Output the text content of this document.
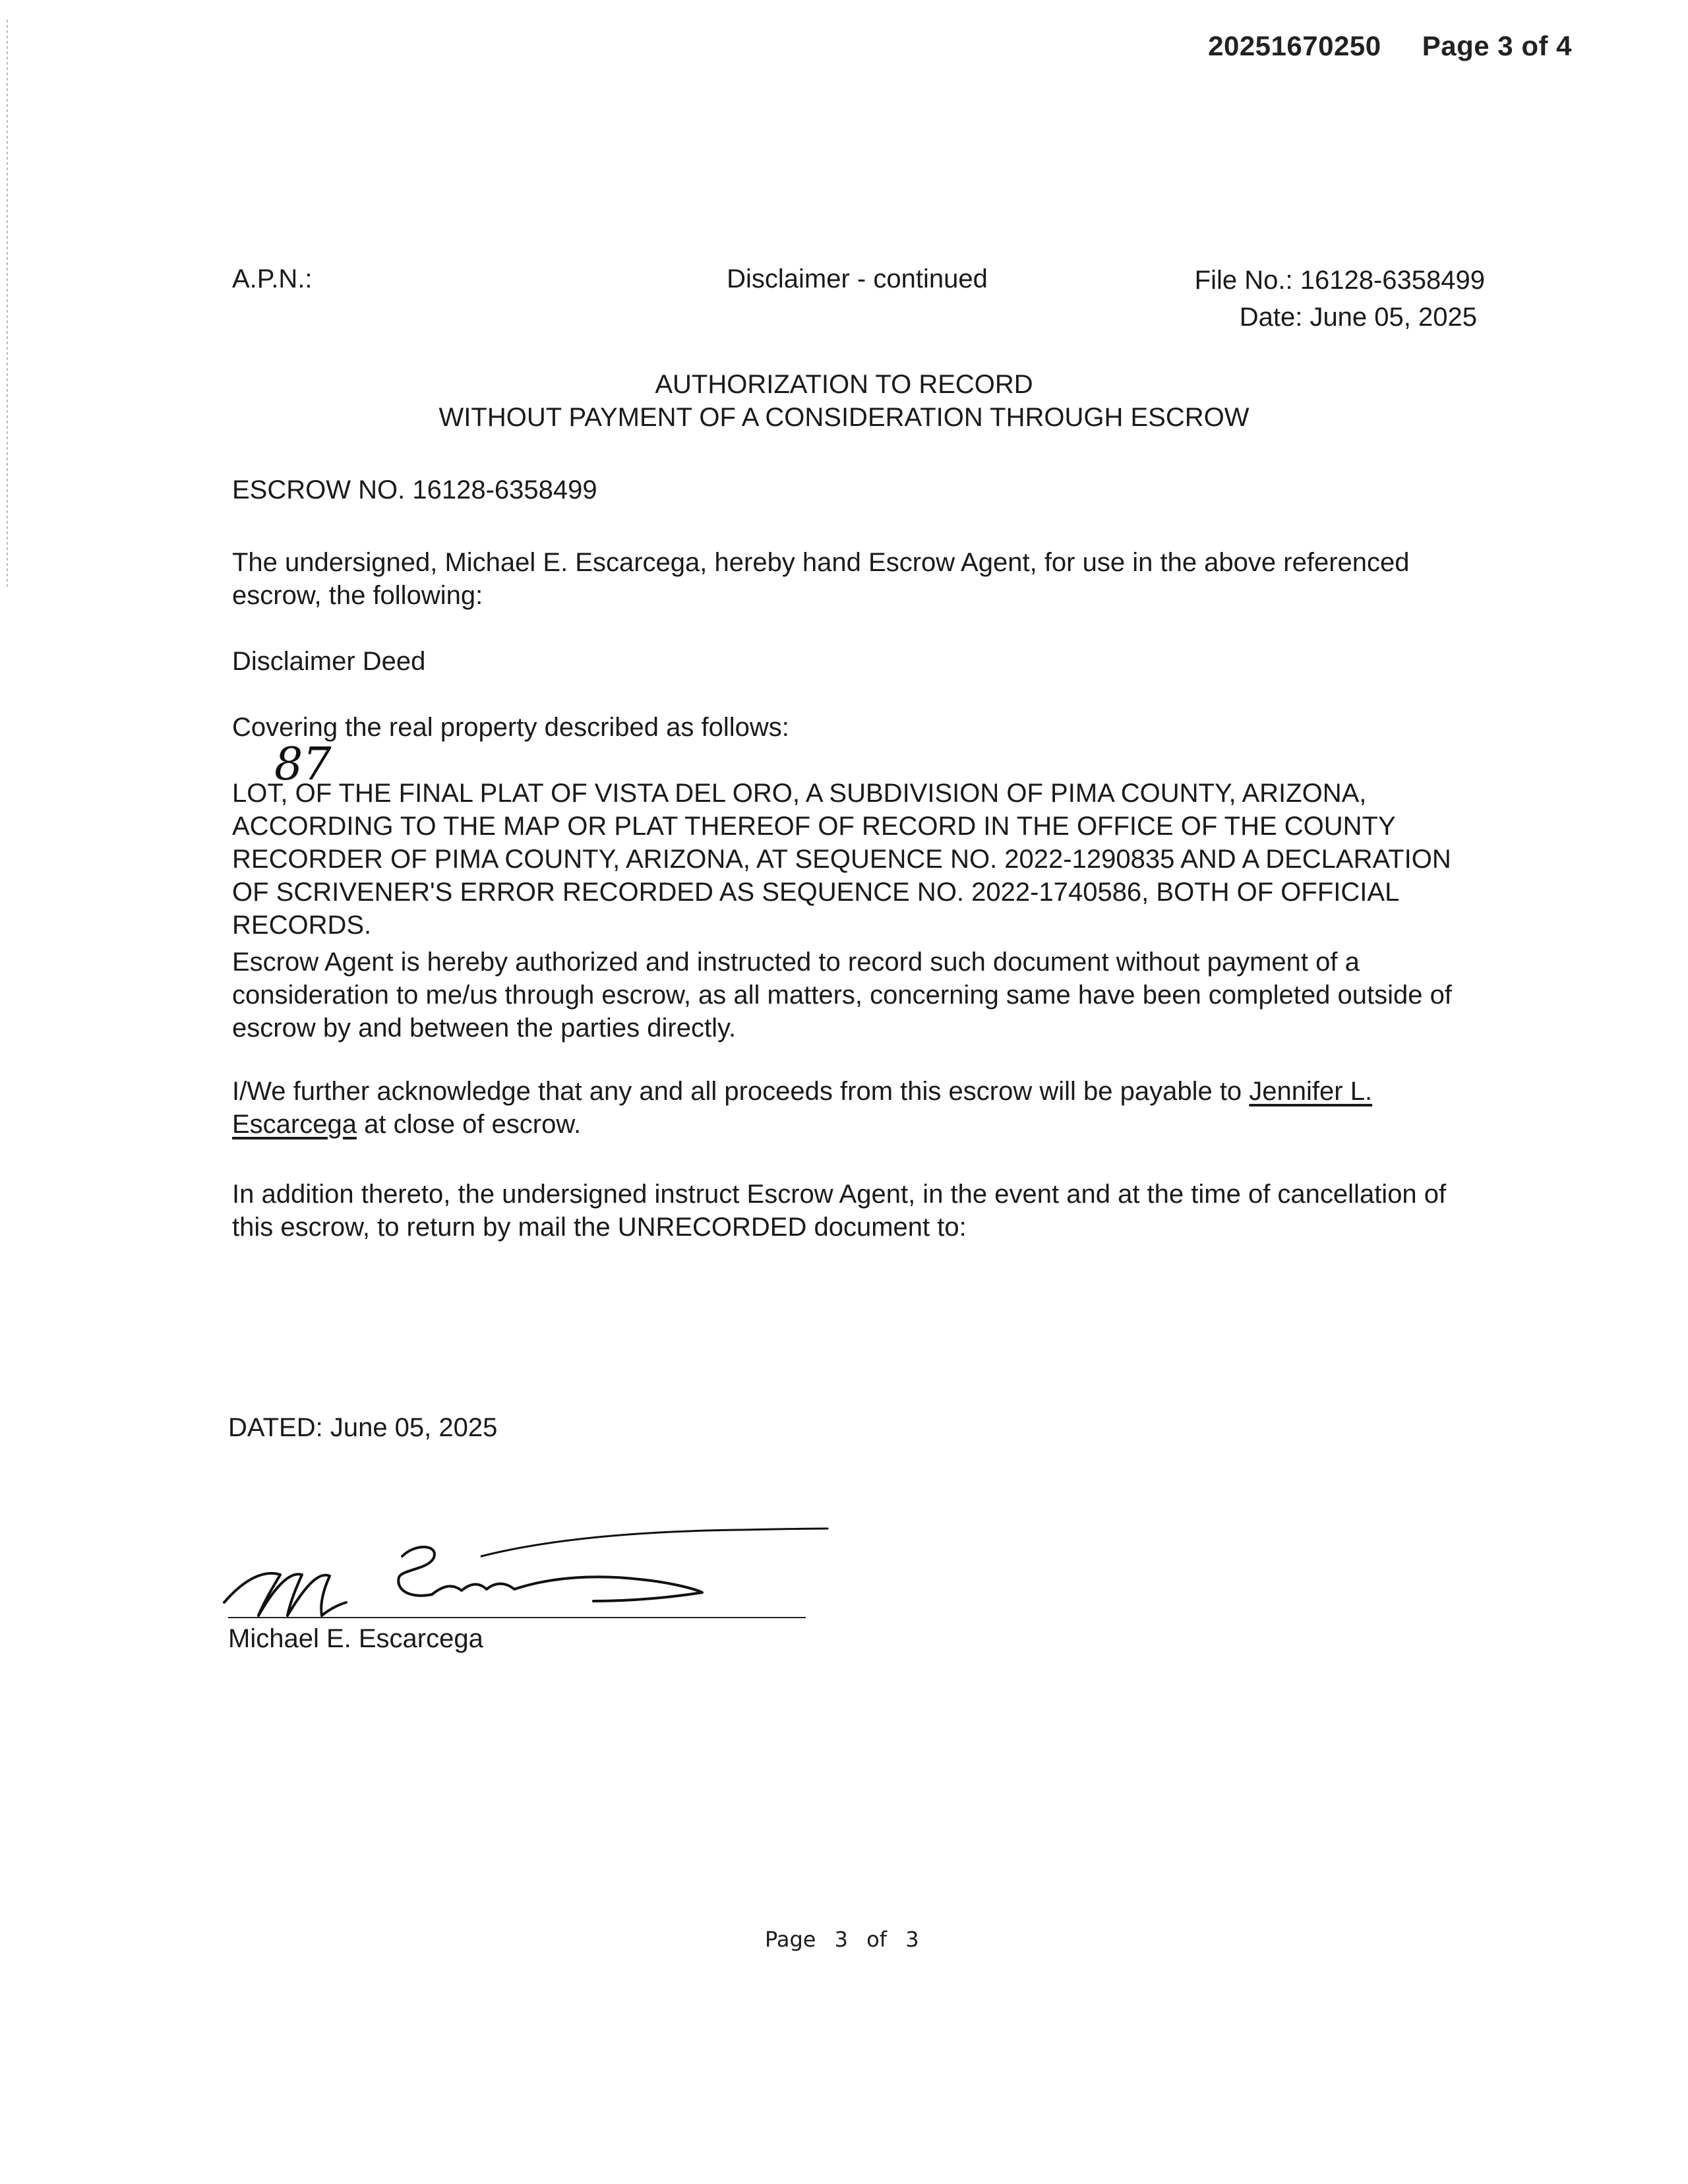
20251670250 Page 3 of 4
A.P.N.:	Disclaimer - continued	File No.: 16128-6358499
Date: June 05, 2025
AUTHORIZATION TO RECORD
WITHOUT PAYMENT OF A CONSIDERATION THROUGH ESCROW
ESCROW NO. 16128-6358499
The undersigned, Michael E. Escarcega, hereby hand Escrow Agent, for use in the above referenced escrow, the following:
Disclaimer Deed
Covering the real property described as follows:
87
LOT, OF THE FINAL PLAT OF VISTA DEL ORO, A SUBDIVISION OF PIMA COUNTY, ARIZONA, ACCORDING TO THE MAP OR PLAT THEREOF OF RECORD IN THE OFFICE OF THE COUNTY RECORDER OF PIMA COUNTY, ARIZONA, AT SEQUENCE NO. 2022-1290835 AND A DECLARATION OF SCRIVENER'S ERROR RECORDED AS SEQUENCE NO. 2022-1740586, BOTH OF OFFICIAL RECORDS.
Escrow Agent is hereby authorized and instructed to record such document without payment of a consideration to me/us through escrow, as all matters, concerning same have been completed outside of escrow by and between the parties directly.
I/We further acknowledge that any and all proceeds from this escrow will be payable to Jennifer L. Escarcega at close of escrow.
In addition thereto, the undersigned instruct Escrow Agent, in the event and at the time of cancellation of this escrow, to return by mail the UNRECORDED document to:
DATED: June 05, 2025
Michael E. Escarcega
Page 3 of 3
